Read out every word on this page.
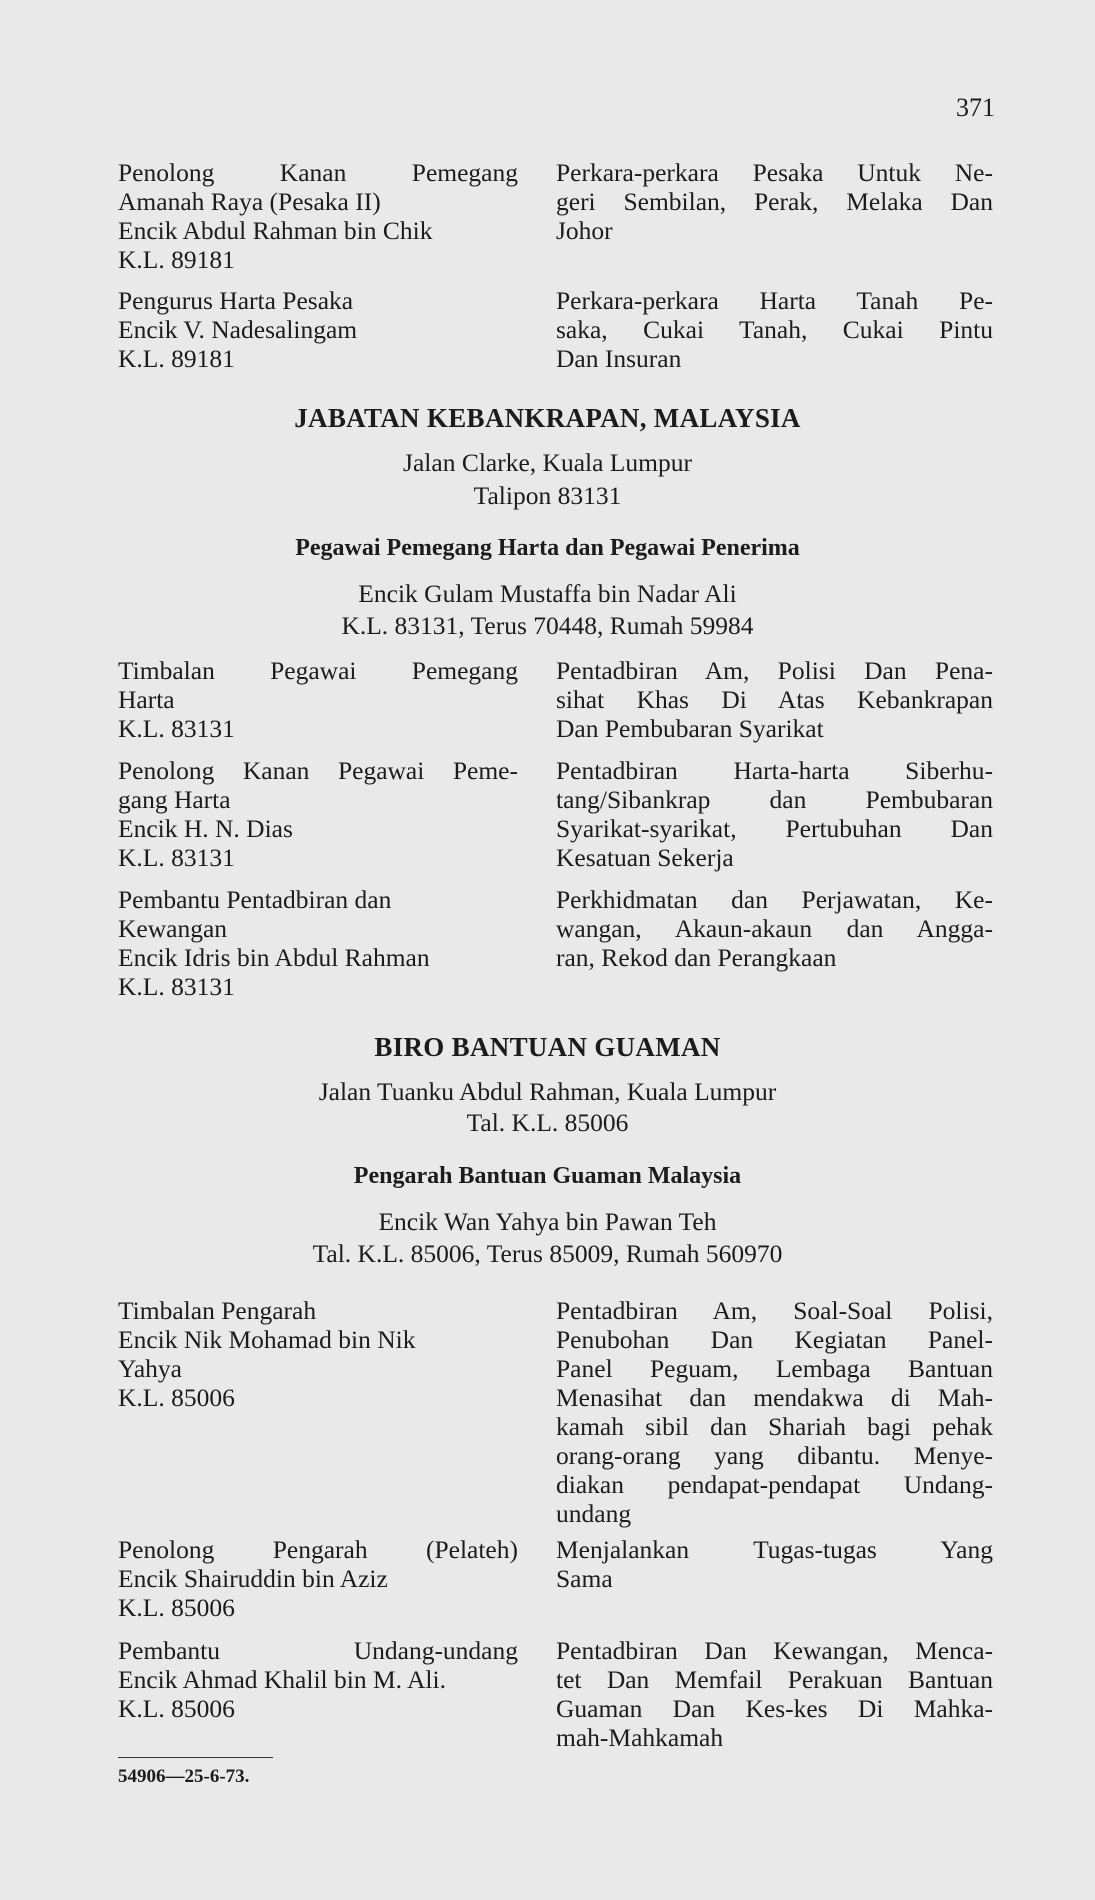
371
Penolong Kanan Pemegang
Amanah Raya (Pesaka II)
Encik Abdul Rahman bin Chik
K.L. 89181
Perkara-perkara Pesaka Untuk Ne-
geri Sembilan, Perak, Melaka Dan
Johor
Pengurus Harta Pesaka
Encik V. Nadesalingam
K.L. 89181
Perkara-perkara Harta Tanah Pe-
saka, Cukai Tanah, Cukai Pintu
Dan Insuran
JABATAN KEBANKRAPAN, MALAYSIA
Jalan Clarke, Kuala Lumpur
Talipon 83131
Pegawai Pemegang Harta dan Pegawai Penerima
Encik Gulam Mustaffa bin Nadar Ali
K.L. 83131, Terus 70448, Rumah 59984
Timbalan Pegawai Pemegang
Harta
K.L. 83131
Pentadbiran Am, Polisi Dan Pena-
sihat Khas Di Atas Kebankrapan
Dan Pembubaran Syarikat
Penolong Kanan Pegawai Peme-
gang Harta
Encik H. N. Dias
K.L. 83131
Pentadbiran Harta-harta Siberhu-
tang/Sibankrap dan Pembubaran
Syarikat-syarikat, Pertubuhan Dan
Kesatuan Sekerja
Pembantu Pentadbiran dan
Kewangan
Encik Idris bin Abdul Rahman
K.L. 83131
Perkhidmatan dan Perjawatan, Ke-
wangan, Akaun-akaun dan Angga-
ran, Rekod dan Perangkaan
BIRO BANTUAN GUAMAN
Jalan Tuanku Abdul Rahman, Kuala Lumpur
Tal. K.L. 85006
Pengarah Bantuan Guaman Malaysia
Encik Wan Yahya bin Pawan Teh
Tal. K.L. 85006, Terus 85009, Rumah 560970
Timbalan Pengarah
Encik Nik Mohamad bin Nik
Yahya
K.L. 85006
Pentadbiran Am, Soal-Soal Polisi,
Penubohan Dan Kegiatan Panel-
Panel Peguam, Lembaga Bantuan
Menasihat dan mendakwa di Mah-
kamah sibil dan Shariah bagi pehak
orang-orang yang dibantu. Menye-
diakan pendapat-pendapat Undang-
undang
Penolong Pengarah (Pelateh)
Encik Shairuddin bin Aziz
K.L. 85006
Menjalankan Tugas-tugas Yang
Sama
Pembantu Undang-undang
Encik Ahmad Khalil bin M. Ali.
K.L. 85006
Pentadbiran Dan Kewangan, Menca-
tet Dan Memfail Perakuan Bantuan
Guaman Dan Kes-kes Di Mahka-
mah-Mahkamah
54906—25-6-73.
